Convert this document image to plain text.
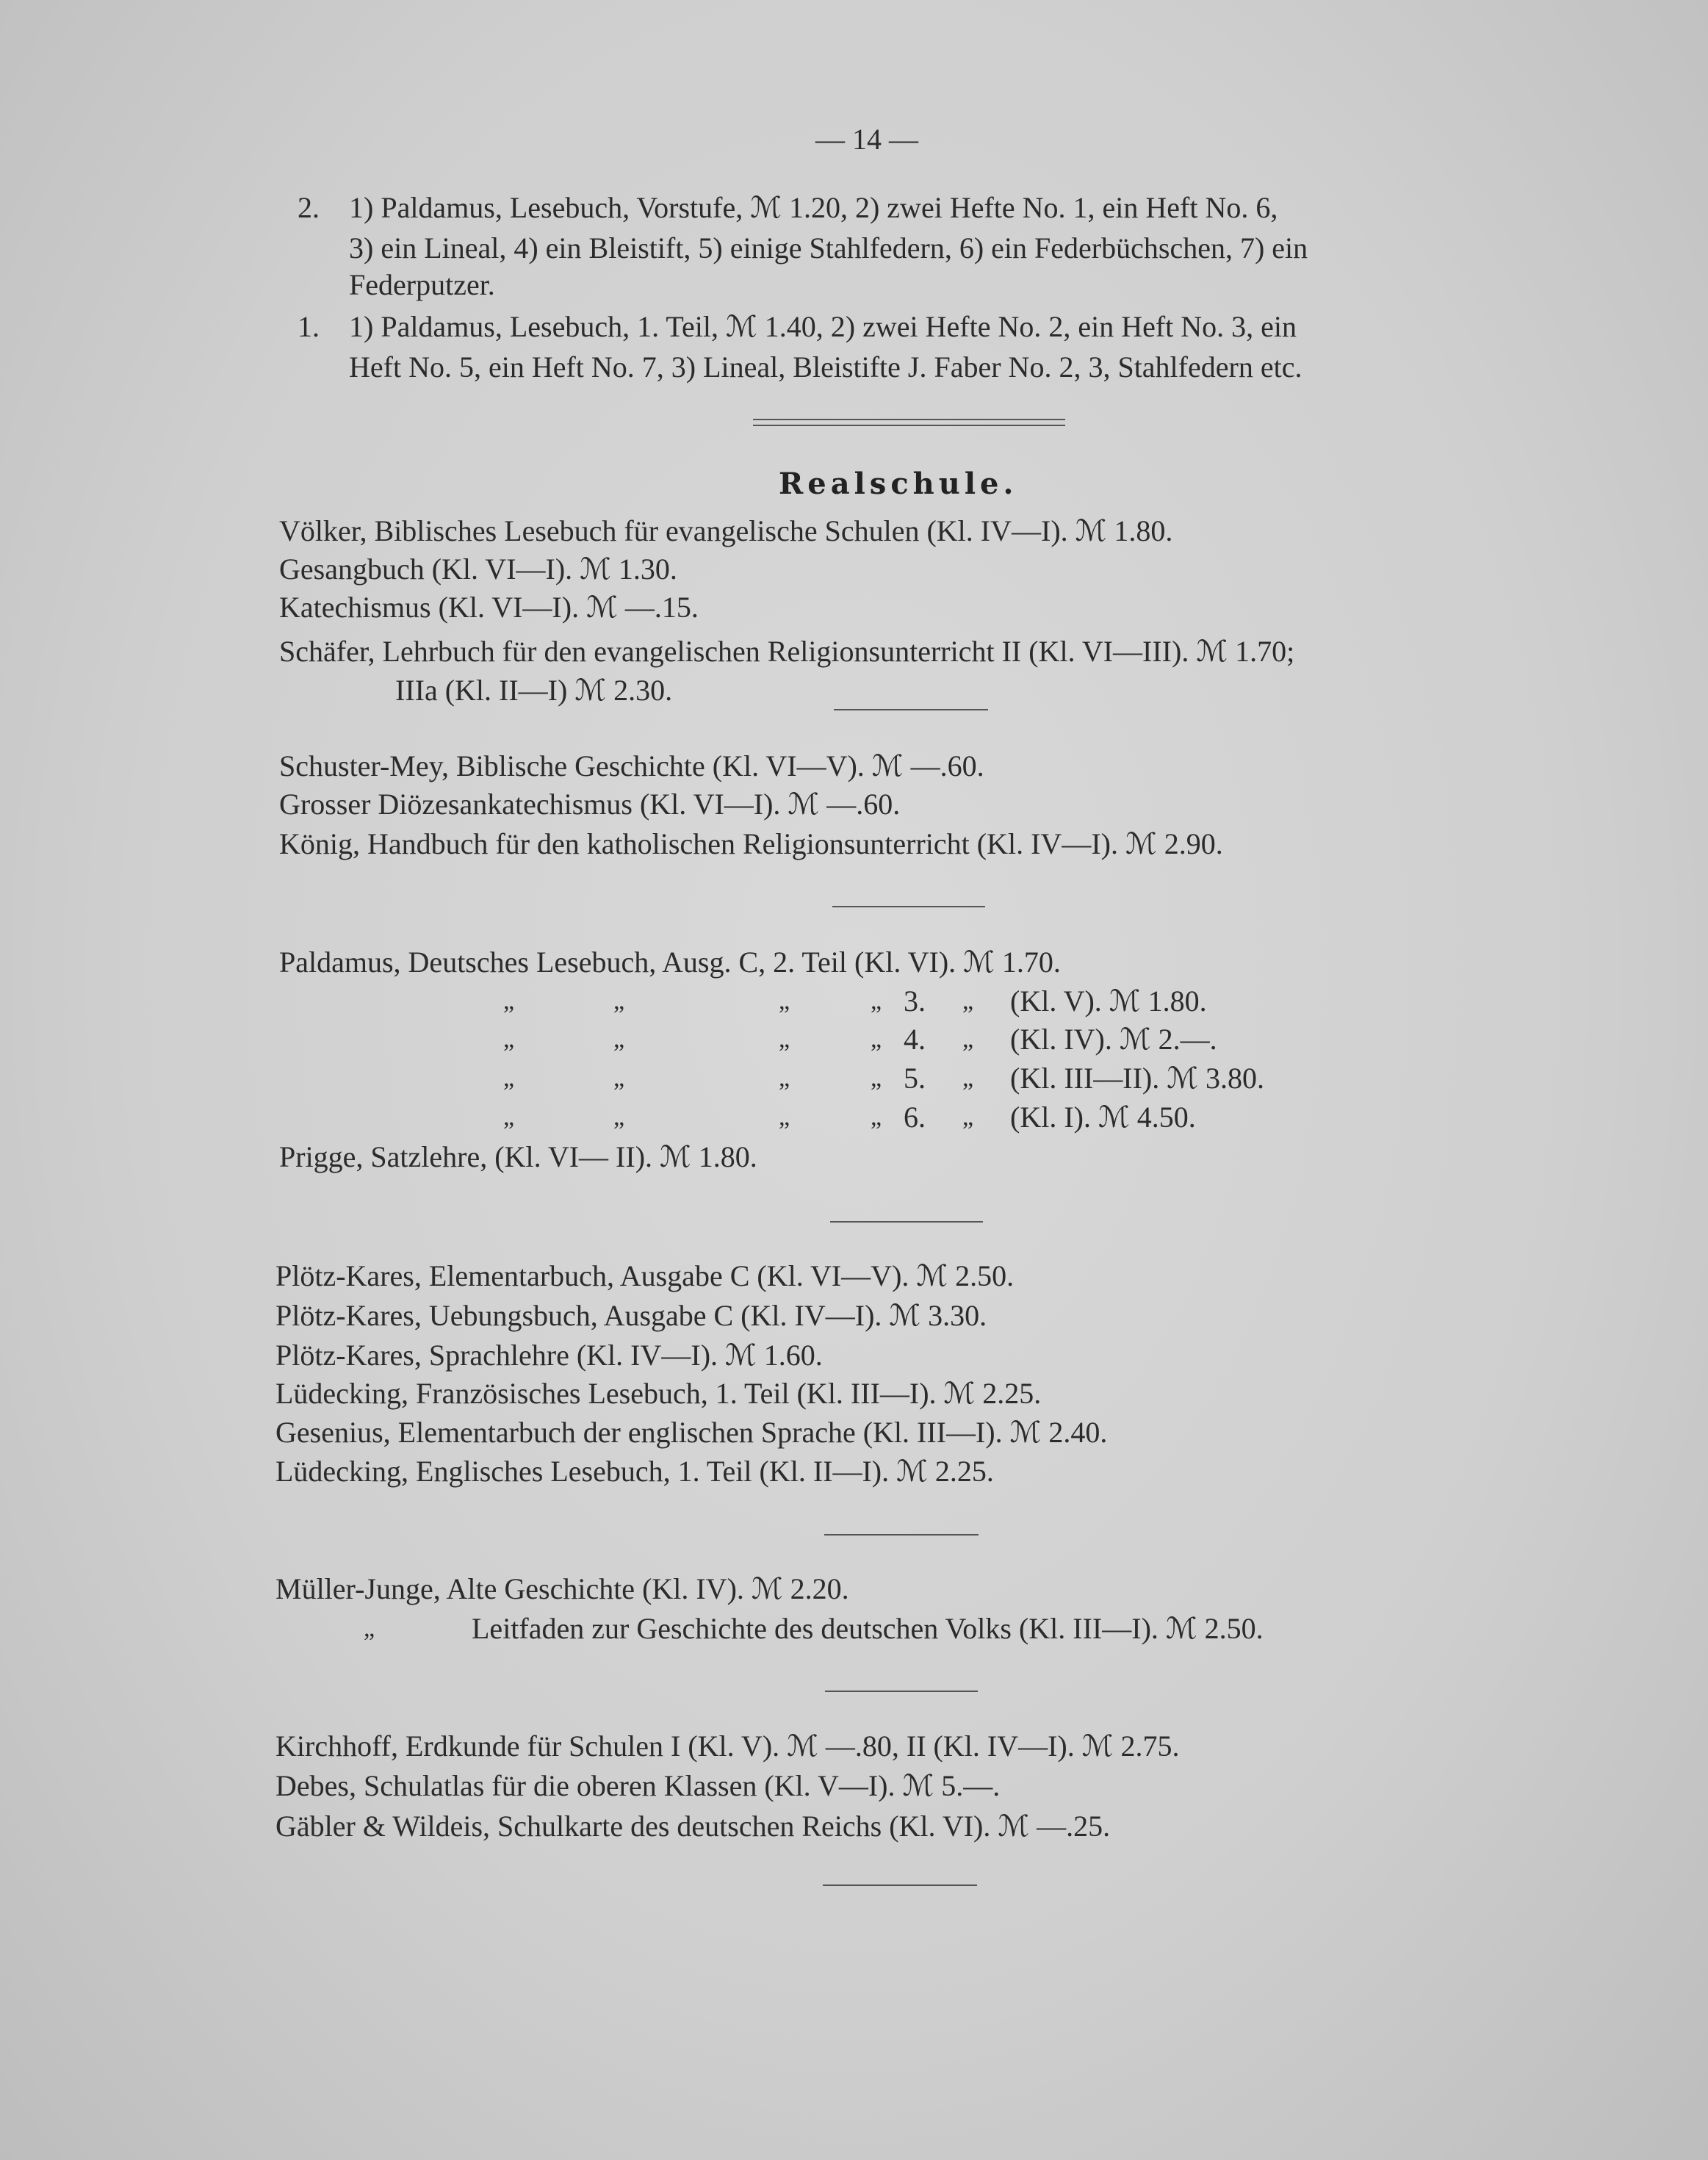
— 14 —
2. 1) Paldamus, Lesebuch, Vorstufe, ℳ 1.20, 2) zwei Hefte No. 1, ein Heft No. 6,
3) ein Lineal, 4) ein Bleistift, 5) einige Stahlfedern, 6) ein Federbüchschen, 7) ein
Federputzer.
1. 1) Paldamus, Lesebuch, 1. Teil, ℳ 1.40, 2) zwei Hefte No. 2, ein Heft No. 3, ein
Heft No. 5, ein Heft No. 7, 3) Lineal, Bleistifte J. Faber No. 2, 3, Stahlfedern etc.
Realschule.
Völker, Biblisches Lesebuch für evangelische Schulen (Kl. IV—I). ℳ 1.80.
Gesangbuch (Kl. VI—I). ℳ 1.30.
Katechismus (Kl. VI—I). ℳ —.15.
Schäfer, Lehrbuch für den evangelischen Religionsunterricht II (Kl. VI—III). ℳ 1.70;
IIIa (Kl. II—I) ℳ 2.30.
Schuster-Mey, Biblische Geschichte (Kl. VI—V). ℳ —.60.
Grosser Diözesankatechismus (Kl. VI—I). ℳ —.60.
König, Handbuch für den katholischen Religionsunterricht (Kl. IV—I). ℳ 2.90.
Paldamus, Deutsches Lesebuch, Ausg. C, 2. Teil (Kl. VI). ℳ 1.70.
„	„	„	„ 3. „ (Kl. V). ℳ 1.80.
„	„	„	„ 4. „ (Kl. IV). ℳ 2.—.
„	„	„	„ 5. „ (Kl. III—II). ℳ 3.80.
„	„	„	„ 6. „ (Kl. I). ℳ 4.50.
Prigge, Satzlehre, (Kl. VI— II). ℳ 1.80.
Plötz-Kares, Elementarbuch, Ausgabe C (Kl. VI—V). ℳ 2.50.
Plötz-Kares, Uebungsbuch, Ausgabe C (Kl. IV—I). ℳ 3.30.
Plötz-Kares, Sprachlehre (Kl. IV—I). ℳ 1.60.
Lüdecking, Französisches Lesebuch, 1. Teil (Kl. III—I). ℳ 2.25.
Gesenius, Elementarbuch der englischen Sprache (Kl. III—I). ℳ 2.40.
Lüdecking, Englisches Lesebuch, 1. Teil (Kl. II—I). ℳ 2.25.
Müller-Junge, Alte Geschichte (Kl. IV). ℳ 2.20.
„	Leitfaden zur Geschichte des deutschen Volks (Kl. III—I). ℳ 2.50.
Kirchhoff, Erdkunde für Schulen I (Kl. V). ℳ —.80, II (Kl. IV—I). ℳ 2.75.
Debes, Schulatlas für die oberen Klassen (Kl. V—I). ℳ 5.—.
Gäbler & Wildeis, Schulkarte des deutschen Reichs (Kl. VI). ℳ —.25.
